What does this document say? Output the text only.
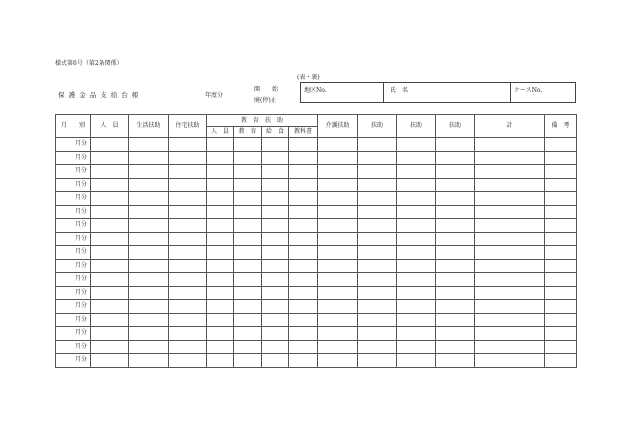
様式第6号（第2条関係）
(表・裏)
保 護 金 品 支 給 台 帳	年度分
開　　始
廃(停)止
地区No.	氏　名	ケースNo.
月　　別	人　員	生活扶助	住宅扶助	教　育　扶　助				介護扶助	扶助	扶助	扶助	計	備　考
				人　員	教　育	給　食	教科書						
月分													
月分													
月分													
月分													
月分													
月分													
月分													
月分													
月分													
月分													
月分													
月分													
月分													
月分													
月分													
月分													
月分													
